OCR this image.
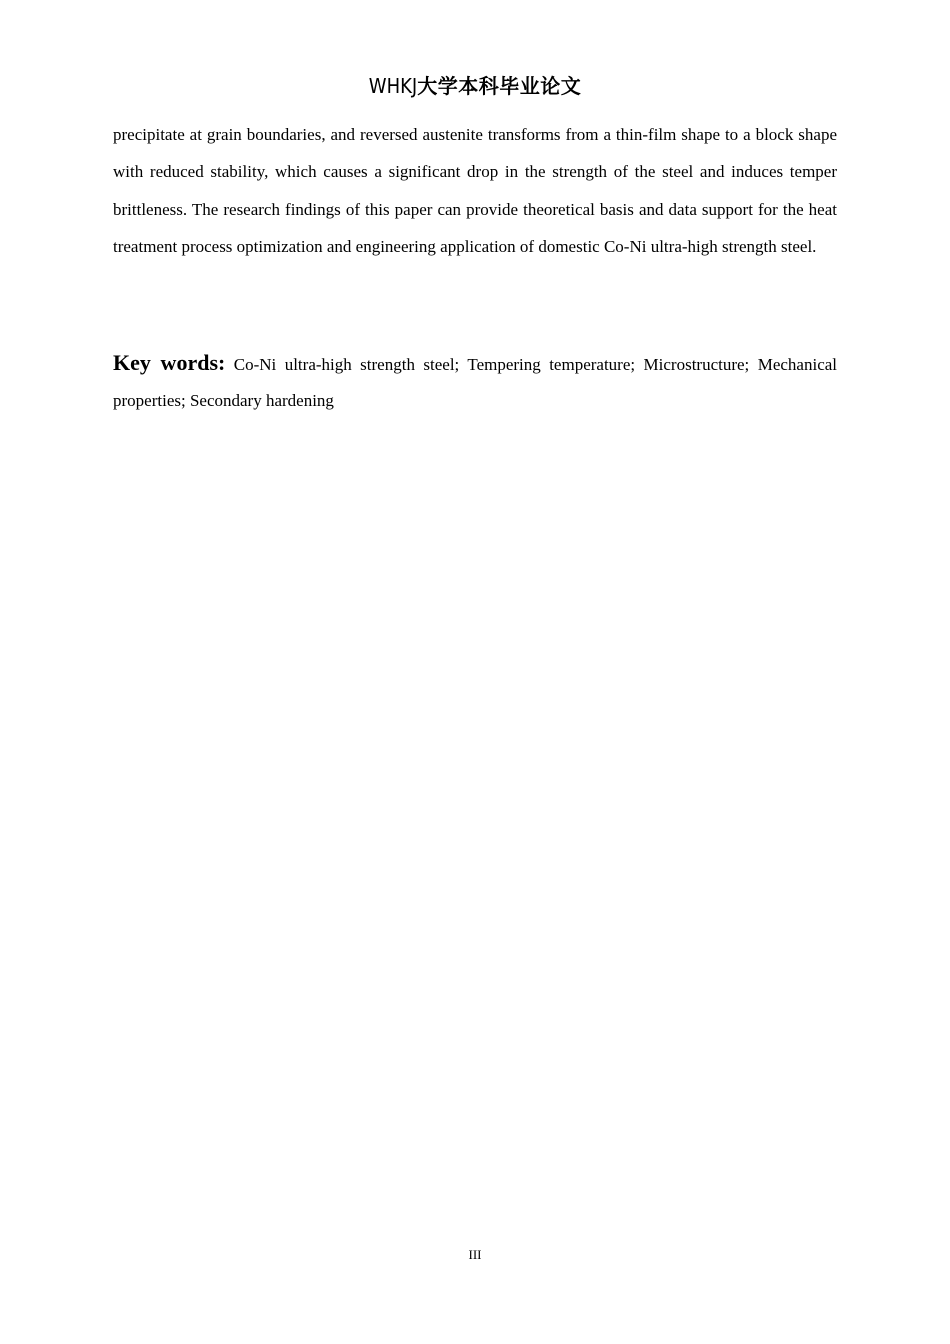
WHKJ大学本科毕业论文

precipitate at grain boundaries, and reversed austenite transforms from a thin-film shape to a block shape with reduced stability, which causes a significant drop in the strength of the steel and induces temper brittleness. The research findings of this paper can provide theoretical basis and data support for the heat treatment process optimization and engineering application of domestic Co-Ni ultra-high strength steel.

Key words: Co-Ni ultra-high strength steel; Tempering temperature; Microstructure; Mechanical properties; Secondary hardening

III
